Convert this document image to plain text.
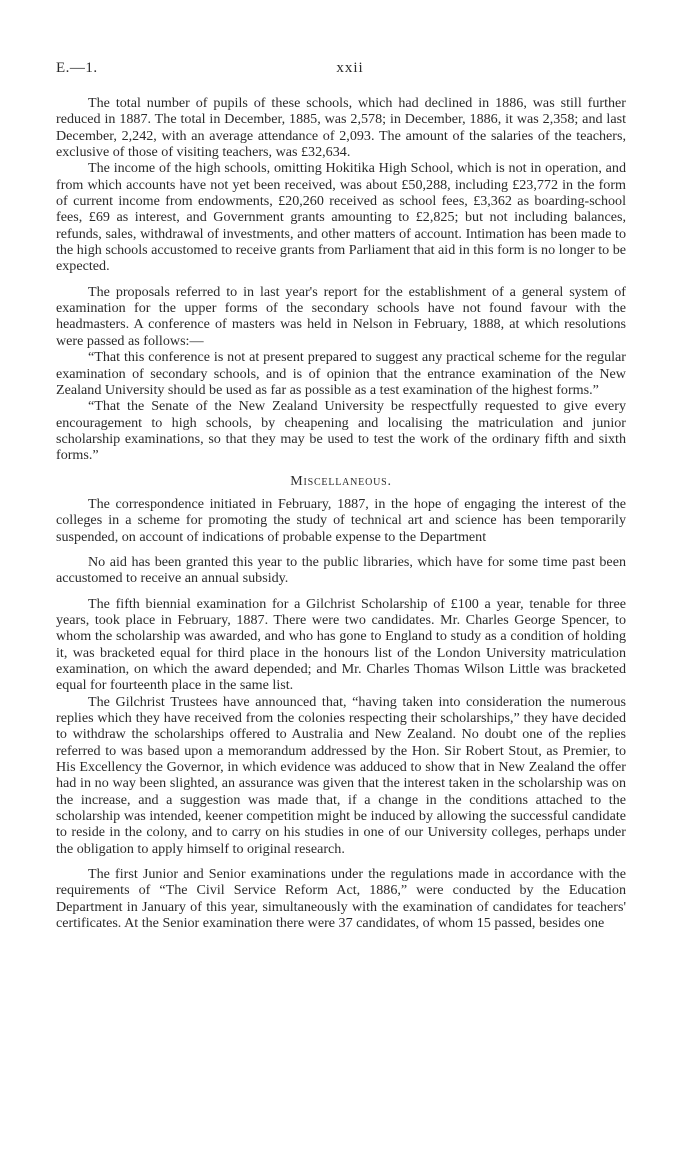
E.—1.	xxii

The total number of pupils of these schools, which had declined in 1886, was still further reduced in 1887. The total in December, 1885, was 2,578; in December, 1886, it was 2,358; and last December, 2,242, with an average attendance of 2,093. The amount of the salaries of the teachers, exclusive of those of visiting teachers, was £32,634.

The income of the high schools, omitting Hokitika High School, which is not in operation, and from which accounts have not yet been received, was about £50,288, including £23,772 in the form of current income from endowments, £20,260 received as school fees, £3,362 as boarding-school fees, £69 as interest, and Government grants amounting to £2,825; but not including balances, refunds, sales, withdrawal of investments, and other matters of account. Intimation has been made to the high schools accustomed to receive grants from Parliament that aid in this form is no longer to be expected.

The proposals referred to in last year's report for the establishment of a general system of examination for the upper forms of the secondary schools have not found favour with the headmasters. A conference of masters was held in Nelson in February, 1888, at which resolutions were passed as follows:—

“That this conference is not at present prepared to suggest any practical scheme for the regular examination of secondary schools, and is of opinion that the entrance examination of the New Zealand University should be used as far as possible as a test examination of the highest forms.”

“That the Senate of the New Zealand University be respectfully requested to give every encouragement to high schools, by cheapening and localising the matriculation and junior scholarship examinations, so that they may be used to test the work of the ordinary fifth and sixth forms.”

Miscellaneous.

The correspondence initiated in February, 1887, in the hope of engaging the interest of the colleges in a scheme for promoting the study of technical art and science has been temporarily suspended, on account of indications of probable expense to the Department

No aid has been granted this year to the public libraries, which have for some time past been accustomed to receive an annual subsidy.

The fifth biennial examination for a Gilchrist Scholarship of £100 a year, tenable for three years, took place in February, 1887. There were two candidates. Mr. Charles George Spencer, to whom the scholarship was awarded, and who has gone to England to study as a condition of holding it, was bracketed equal for third place in the honours list of the London University matriculation examination, on which the award depended; and Mr. Charles Thomas Wilson Little was bracketed equal for fourteenth place in the same list.

The Gilchrist Trustees have announced that, “having taken into consideration the numerous replies which they have received from the colonies respecting their scholarships,” they have decided to withdraw the scholarships offered to Australia and New Zealand. No doubt one of the replies referred to was based upon a memorandum addressed by the Hon. Sir Robert Stout, as Premier, to His Excellency the Governor, in which evidence was adduced to show that in New Zealand the offer had in no way been slighted, an assurance was given that the interest taken in the scholarship was on the increase, and a suggestion was made that, if a change in the conditions attached to the scholarship was intended, keener competition might be induced by allowing the successful candidate to reside in the colony, and to carry on his studies in one of our University colleges, perhaps under the obligation to apply himself to original research.

The first Junior and Senior examinations under the regulations made in accordance with the requirements of “The Civil Service Reform Act, 1886,” were conducted by the Education Department in January of this year, simultaneously with the examination of candidates for teachers' certificates. At the Senior examination there were 37 candidates, of whom 15 passed, besides one
